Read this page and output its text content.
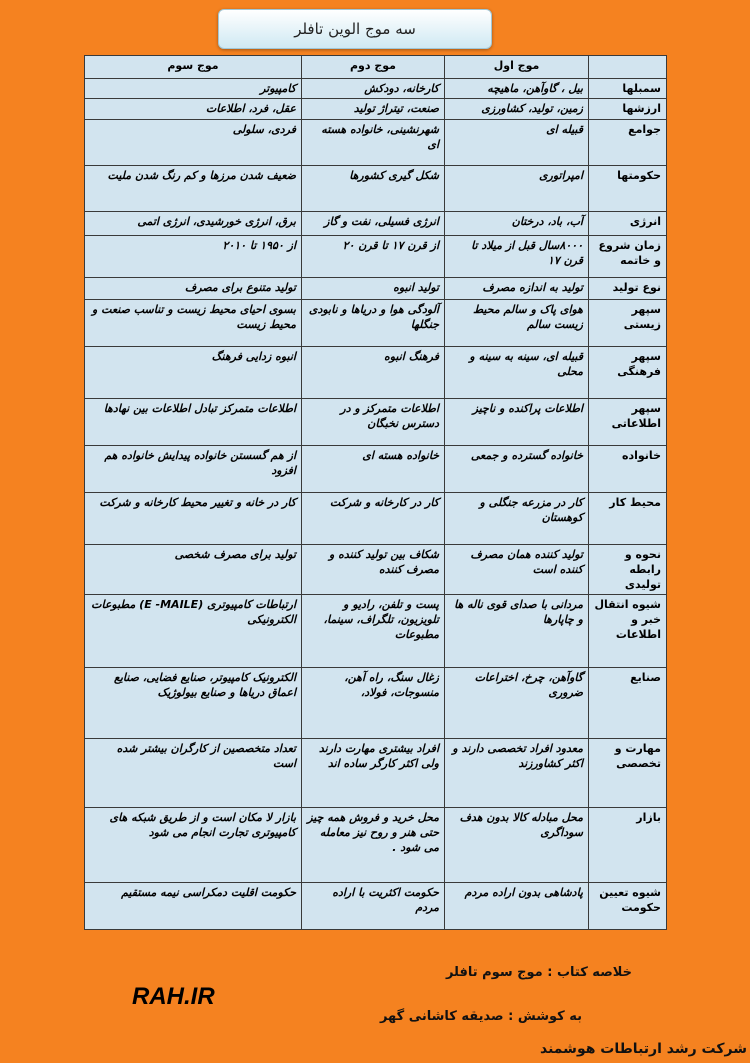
سه موج الوین تافلر
	موج اول	موج دوم	موج سوم
سمبلها	بیل ، گاوآهن، ماهیچه	کارخانه، دودکش	کامپیوتر
ارزشها	زمین، تولید، کشاورزی	صنعت، تیتراژ تولید	عقل، فرد، اطلاعات
جوامع	قبیله ای	شهرنشینی، خانواده هسته ای	فردی، سلولی
حکومتها	امپراتوری	شکل گیری کشورها	ضعیف شدن مرزها و کم رنگ شدن ملیت
انرژی	آب، باد، درختان	انرژی فسیلی، نفت و گاز	برق، انرژی خورشیدی، انرژی اتمی
زمان شروع و خاتمه	۸۰۰۰سال قبل از میلاد تا قرن ۱۷	از قرن ۱۷ تا قرن ۲۰	از ۱۹۵۰ تا ۲۰۱۰
نوع تولید	تولید به اندازه مصرف	تولید انبوه	تولید متنوع برای مصرف
سپهر زیستی	هوای پاک و سالم محیط زیست سالم	آلودگی هوا و دریاها و نابودی جنگلها	بسوی احیای محیط زیست و تناسب صنعت و محیط زیست
سپهر فرهنگی	قبیله ای، سینه به سینه و محلی	فرهنگ انبوه	انبوه زدایی فرهنگ
سپهر اطلاعاتی	اطلاعات پراکنده و ناچیز	اطلاعات متمرکز و در دسترس نخبگان	اطلاعات متمرکز تبادل اطلاعات بین نهادها
خانواده	خانواده گسترده و جمعی	خانواده هسته ای	از هم گسستن خانواده پیدایش خانواده هم افزود
محیط کار	کار در مزرعه جنگلی و کوهستان	کار در کارخانه و شرکت	کار در خانه و تغییر محیط کارخانه و شرکت
نحوه و رابطه تولیدی	تولید کننده همان مصرف کننده است	شکاف بین تولید کننده و مصرف کننده	تولید برای مصرف شخصی
شیوه انتقال خبر و اطلاعات	مردانی با صدای قوی ناله ها و چاپارها	پست و تلفن، رادیو و تلویزیون، تلگراف، سینما، مطبوعات	ارتباطات کامپیوتری (E -MAILE) مطبوعات الکترونیکی
صنایع	گاوآهن، چرخ، اختراعات ضروری	زغال سنگ، راه آهن، منسوجات، فولاد،	الکترونیک کامپیوتر، صنایع فضایی، صنایع اعماق دریاها و صنایع بیولوژیک
مهارت و تخصصی	معدود افراد تخصصی دارند و اکثر کشاورزند	افراد بیشتری مهارت دارند ولی اکثر کارگر ساده اند	تعداد متخصصین از کارگران بیشتر شده است
بازار	محل مبادله کالا بدون هدف سوداگری	محل خرید و فروش همه چیز حتی هنر و روح نیز معامله می شود .	بازار لا مکان است و از طریق شبکه های کامپیوتری تجارت انجام می شود
شیوه تعیین حکومت	پادشاهی بدون اراده مردم	حکومت اکثریت با اراده مردم	حکومت اقلیت دمکراسی نیمه مستقیم
خلاصه کتاب : موج سوم تافلر
به کوشش : صدیقه کاشانی گهر
شرکت رشد ارتباطات هوشمند
RAH.IR
